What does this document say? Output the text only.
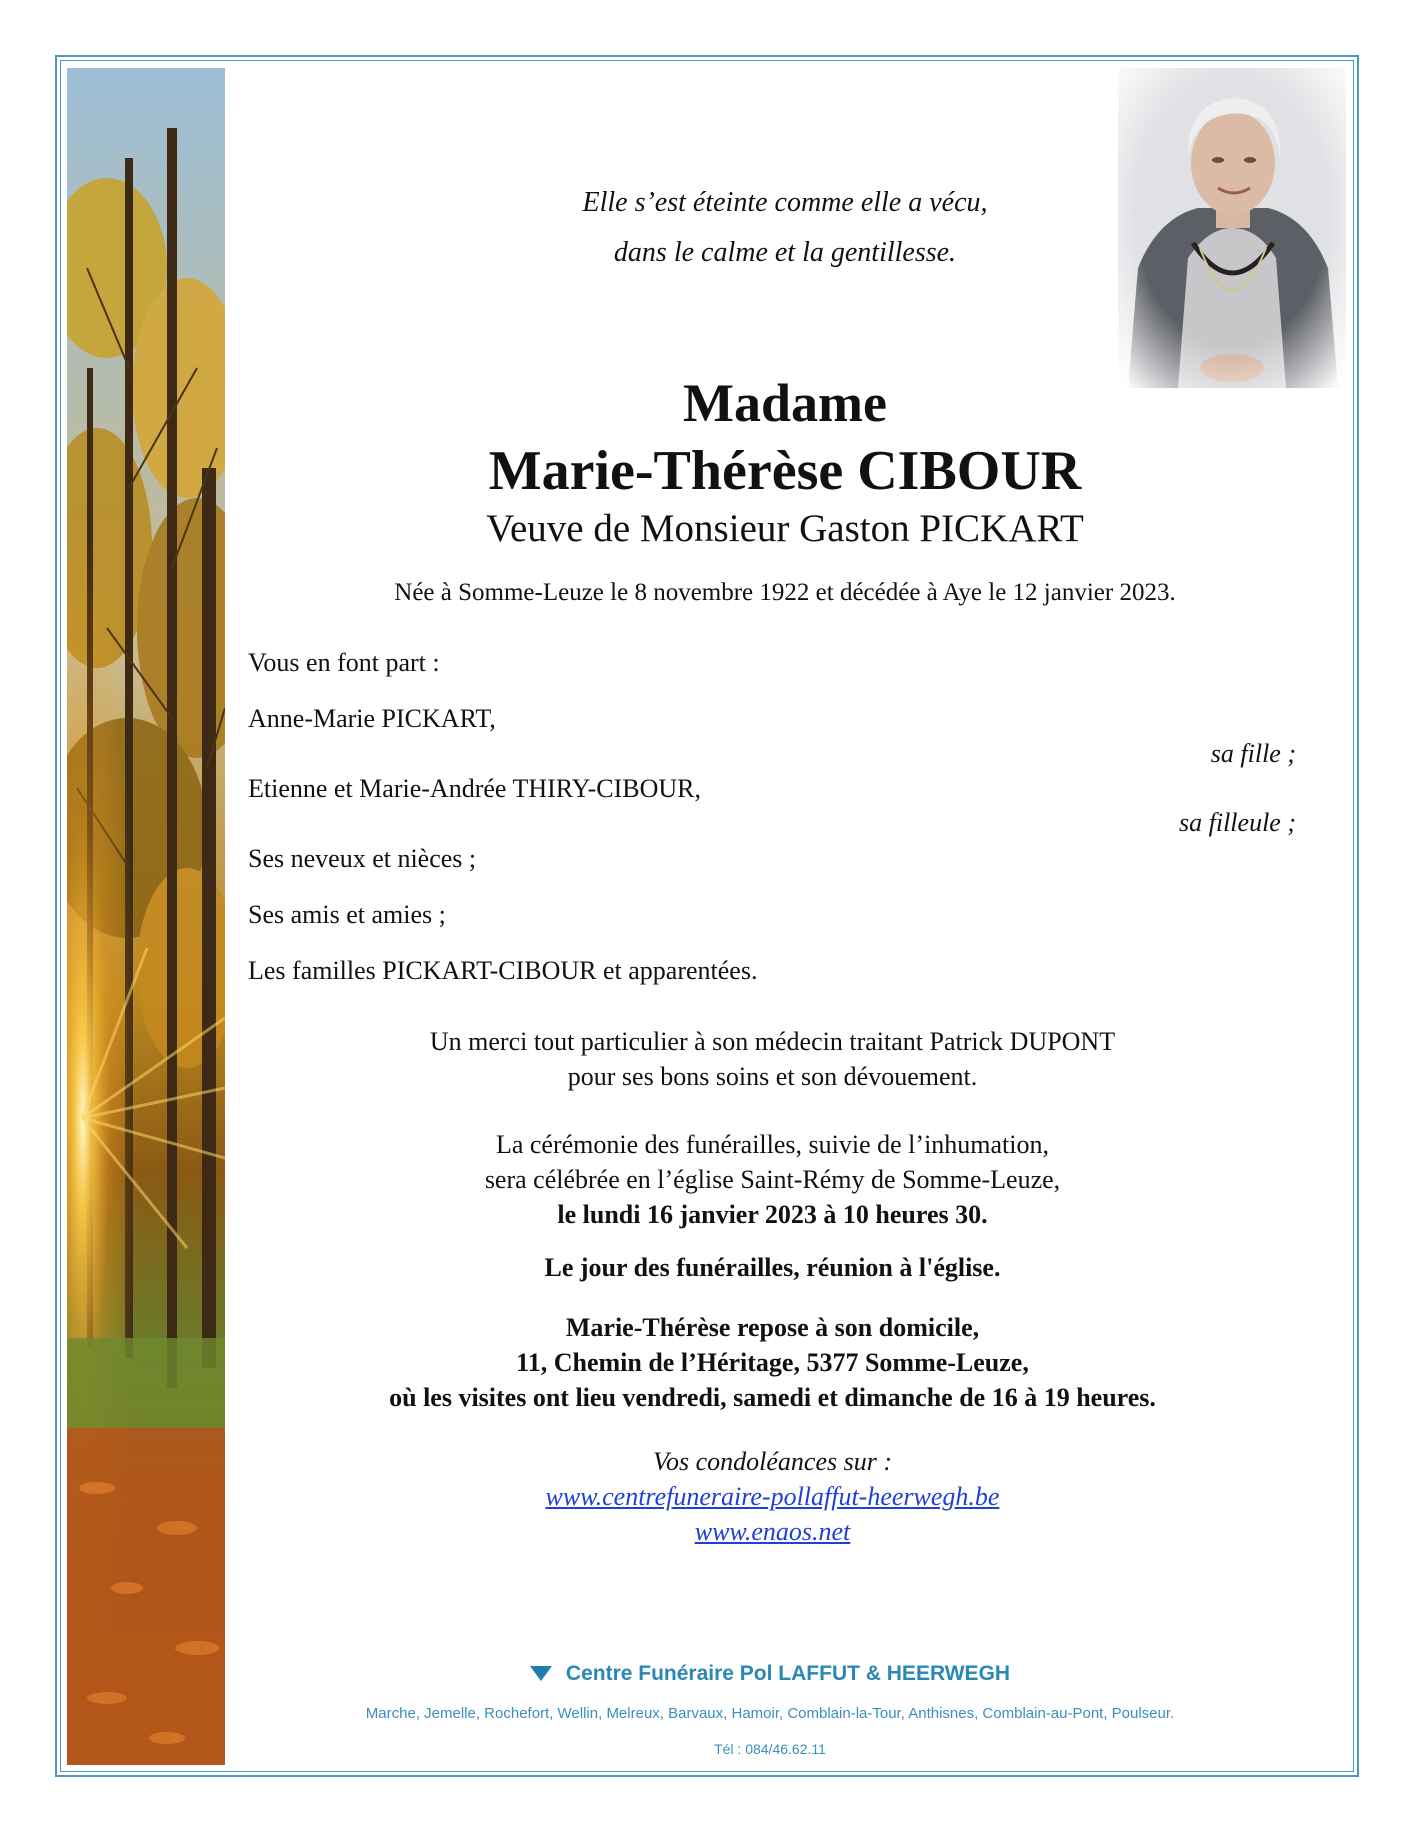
Elle s’est éteinte comme elle a vécu,
dans le calme et la gentillesse.
Madame
Marie-Thérèse CIBOUR
Veuve de Monsieur Gaston PICKART
Née à Somme-Leuze le 8 novembre 1922 et décédée à Aye le 12 janvier 2023.
Vous en font part :
Anne-Marie PICKART,
sa fille ;
Etienne et Marie-Andrée THIRY-CIBOUR,
sa filleule ;
Ses neveux et nièces ;
Ses amis et amies ;
Les familles PICKART-CIBOUR et apparentées.
Un merci tout particulier à son médecin traitant Patrick DUPONT
pour ses bons soins et son dévouement.
La cérémonie des funérailles, suivie de l’inhumation,
sera célébrée en l’église Saint-Rémy de Somme-Leuze,
le lundi 16 janvier 2023 à 10 heures 30.
Le jour des funérailles, réunion à l'église.
Marie-Thérèse repose à son domicile,
11, Chemin de l’Héritage, 5377 Somme-Leuze,
où les visites ont lieu vendredi, samedi et dimanche de 16 à 19 heures.
Vos condoléances sur :
www.centrefuneraire-pollaffut-heerwegh.be
www.enaos.net
Centre Funéraire Pol LAFFUT & HEERWEGH
Marche, Jemelle, Rochefort, Wellin, Melreux, Barvaux, Hamoir, Comblain-la-Tour, Anthisnes, Comblain-au-Pont, Poulseur.
Tél : 084/46.62.11
